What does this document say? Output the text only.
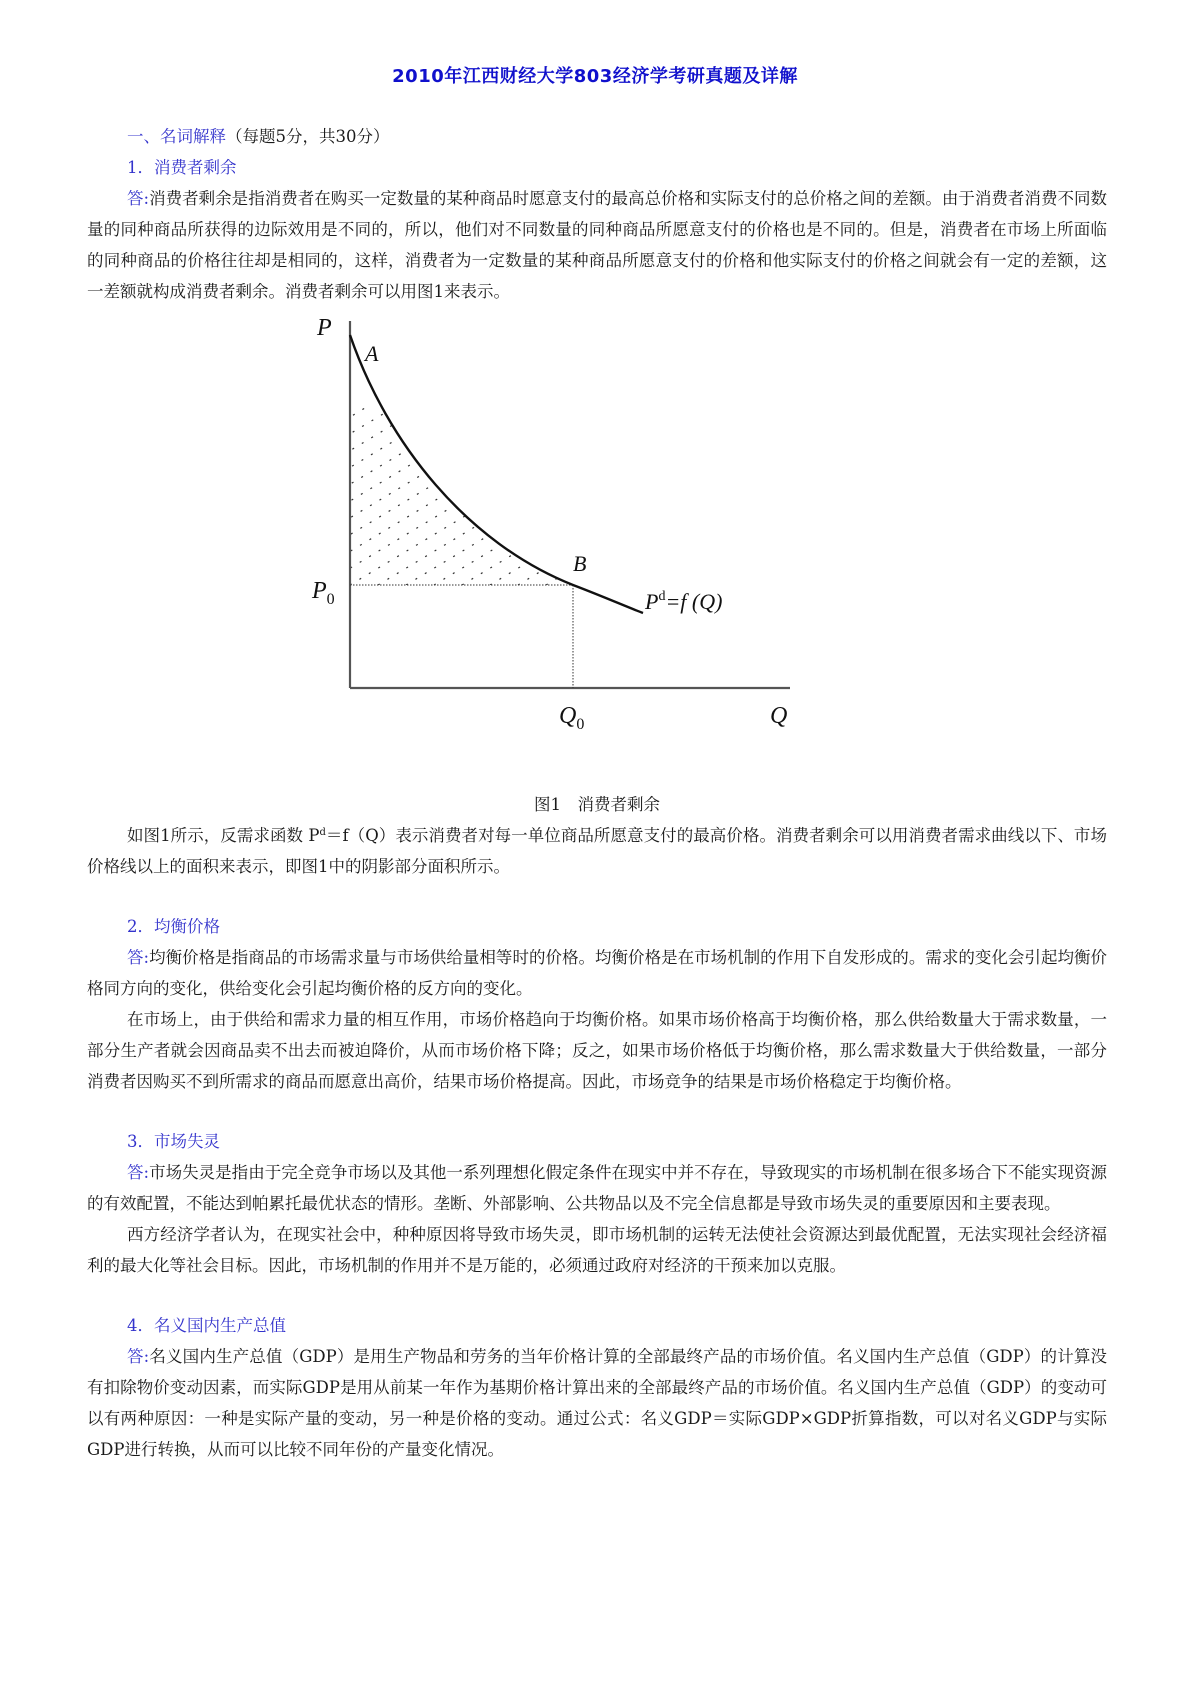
2010年江西财经大学803经济学考研真题及详解

一、名词解释（每题5分，共30分）

1．消费者剩余

答:消费者剩余是指消费者在购买一定数量的某种商品时愿意支付的最高总价格和实际支付的总价格之间的差额。由于消费者消费不同数量的同种商品所获得的边际效用是不同的，所以，他们对不同数量的同种商品所愿意支付的价格也是不同的。但是，消费者在市场上所面临的同种商品的价格往往却是相同的，这样，消费者为一定数量的某种商品所愿意支付的价格和他实际支付的价格之间就会有一定的差额，这一差额就构成消费者剩余。消费者剩余可以用图1来表示。

P
A
B
$P_0$
$Q_0$	Q
$P^d=f$ (Q)

图1　消费者剩余

如图1所示，反需求函数 $P^d=f(Q)$表示消费者对每一单位商品所愿意支付的最高价格。消费者剩余可以用消费者需求曲线以下、市场价格线以上的面积来表示，即图1中的阴影部分面积所示。

2．均衡价格

答:均衡价格是指商品的市场需求量与市场供给量相等时的价格。均衡价格是在市场机制的作用下自发形成的。需求的变化会引起均衡价格同方向的变化，供给变化会引起均衡价格的反方向的变化。

在市场上，由于供给和需求力量的相互作用，市场价格趋向于均衡价格。如果市场价格高于均衡价格，那么供给数量大于需求数量，一部分生产者就会因商品卖不出去而被迫降价，从而市场价格下降；反之，如果市场价格低于均衡价格，那么需求数量大于供给数量，一部分消费者因购买不到所需求的商品而愿意出高价，结果市场价格提高。因此，市场竞争的结果是市场价格稳定于均衡价格。

3．市场失灵

答:市场失灵是指由于完全竞争市场以及其他一系列理想化假定条件在现实中并不存在，导致现实的市场机制在很多场合下不能实现资源的有效配置，不能达到帕累托最优状态的情形。垄断、外部影响、公共物品以及不完全信息都是导致市场失灵的重要原因和主要表现。

西方经济学者认为，在现实社会中，种种原因将导致市场失灵，即市场机制的运转无法使社会资源达到最优配置，无法实现社会经济福利的最大化等社会目标。因此，市场机制的作用并不是万能的，必须通过政府对经济的干预来加以克服。

4．名义国内生产总值

答:名义国内生产总值（GDP）是用生产物品和劳务的当年价格计算的全部最终产品的市场价值。名义国内生产总值（GDP）的计算没有扣除物价变动因素，而实际GDP是用从前某一年作为基期价格计算出来的全部最终产品的市场价值。名义国内生产总值（GDP）的变动可以有两种原因：一种是实际产量的变动，另一种是价格的变动。通过公式：名义GDP＝实际GDP×GDP折算指数，可以对名义GDP与实际GDP进行转换，从而可以比较不同年份的产量变化情况。
